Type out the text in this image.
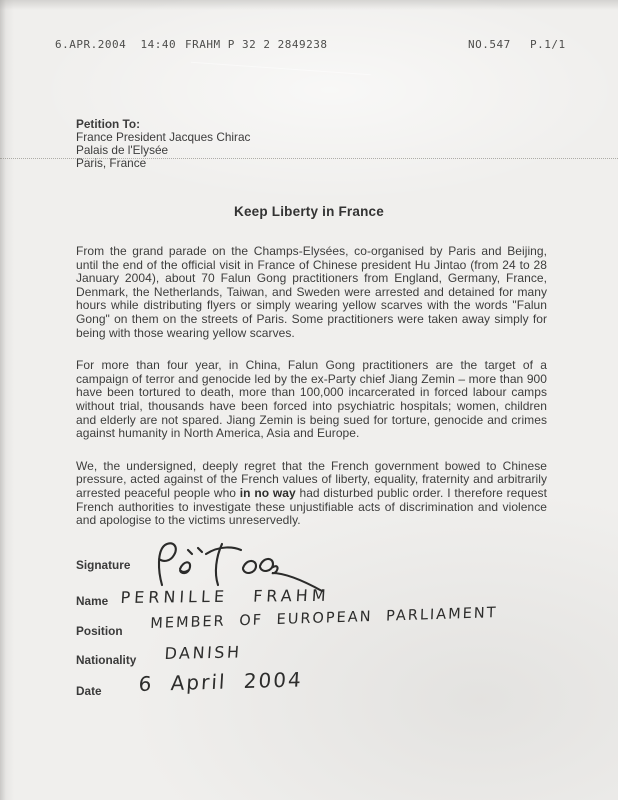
6.APR.2004  14:40

FRAHM P 32 2 2849238

	NO.547

P.1/1

Petition To:
France President Jacques Chirac
Palais de l'Elysée
Paris, France
Keep Liberty in France

From the grand parade on the Champs-Elysées, co-organised by Paris and Beijing, until the end of the official visit in France of Chinese president Hu Jintao (from 24 to 28 January 2004), about 70 Falun Gong practitioners from England, Germany, France, Denmark, the Netherlands, Taiwan, and Sweden were arrested and detained for many hours while distributing flyers or simply wearing yellow scarves with the words "Falun Gong" on them on the streets of Paris. Some practitioners were taken away simply for being with those wearing yellow scarves.

For more than four year, in China, Falun Gong practitioners are the target of a campaign of terror and genocide led by the ex-Party chief Jiang Zemin – more than 900 have been tortured to death, more than 100,000 incarcerated in forced labour camps without trial, thousands have been forced into psychiatric hospitals; women, children and elderly are not spared. Jiang Zemin is being sued for torture, genocide and crimes against humanity in North America, Asia and Europe.

We, the undersigned, deeply regret that the French government bowed to Chinese pressure, acted against of the French values of liberty, equality, fraternity and arbitrarily arrested peaceful people who in no way had disturbed public order. I therefore request French authorities to investigate these unjustifiable acts of discrimination and violence and apologise to the victims unreservedly.

Signature
Name PERNILLE FRAHM
Position MEMBER OF EUROPEAN PARLIAMENT
Nationality DANISH
Date 6 April 2004
